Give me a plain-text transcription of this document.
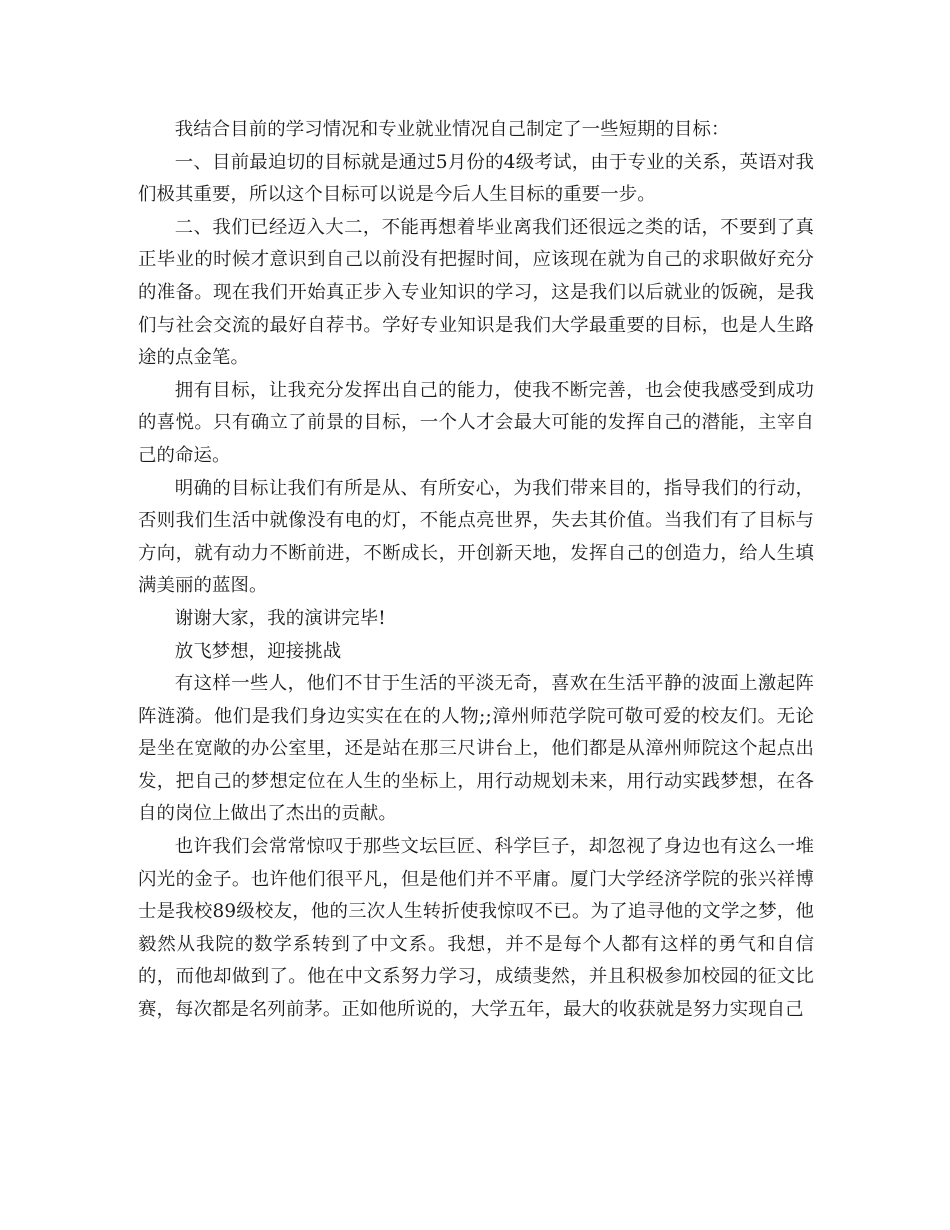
我结合目前的学习情况和专业就业情况自己制定了一些短期的目标：

一、目前最迫切的目标就是通过5月份的4级考试，由于专业的关系，英语对我们极其重要，所以这个目标可以说是今后人生目标的重要一步。

二、我们已经迈入大二，不能再想着毕业离我们还很远之类的话，不要到了真正毕业的时候才意识到自己以前没有把握时间，应该现在就为自己的求职做好充分的准备。现在我们开始真正步入专业知识的学习，这是我们以后就业的饭碗，是我们与社会交流的最好自荐书。学好专业知识是我们大学最重要的目标，也是人生路途的点金笔。

拥有目标，让我充分发挥出自己的能力，使我不断完善，也会使我感受到成功的喜悦。只有确立了前景的目标，一个人才会最大可能的发挥自己的潜能，主宰自己的命运。

明确的目标让我们有所是从、有所安心，为我们带来目的，指导我们的行动，否则我们生活中就像没有电的灯，不能点亮世界，失去其价值。当我们有了目标与方向，就有动力不断前进，不断成长，开创新天地，发挥自己的创造力，给人生填满美丽的蓝图。

谢谢大家，我的演讲完毕!

放飞梦想，迎接挑战

有这样一些人，他们不甘于生活的平淡无奇，喜欢在生活平静的波面上激起阵阵涟漪。他们是我们身边实实在在的人物;;漳州师范学院可敬可爱的校友们。无论是坐在宽敞的办公室里，还是站在那三尺讲台上，他们都是从漳州师院这个起点出发，把自己的梦想定位在人生的坐标上，用行动规划未来，用行动实践梦想，在各自的岗位上做出了杰出的贡献。

也许我们会常常惊叹于那些文坛巨匠、科学巨子，却忽视了身边也有这么一堆闪光的金子。也许他们很平凡，但是他们并不平庸。厦门大学经济学院的张兴祥博士是我校89级校友，他的三次人生转折使我惊叹不已。为了追寻他的文学之梦，他毅然从我院的数学系转到了中文系。我想，并不是每个人都有这样的勇气和自信的，而他却做到了。他在中文系努力学习，成绩斐然，并且积极参加校园的征文比赛，每次都是名列前茅。正如他所说的，大学五年，最大的收获就是努力实现自己
